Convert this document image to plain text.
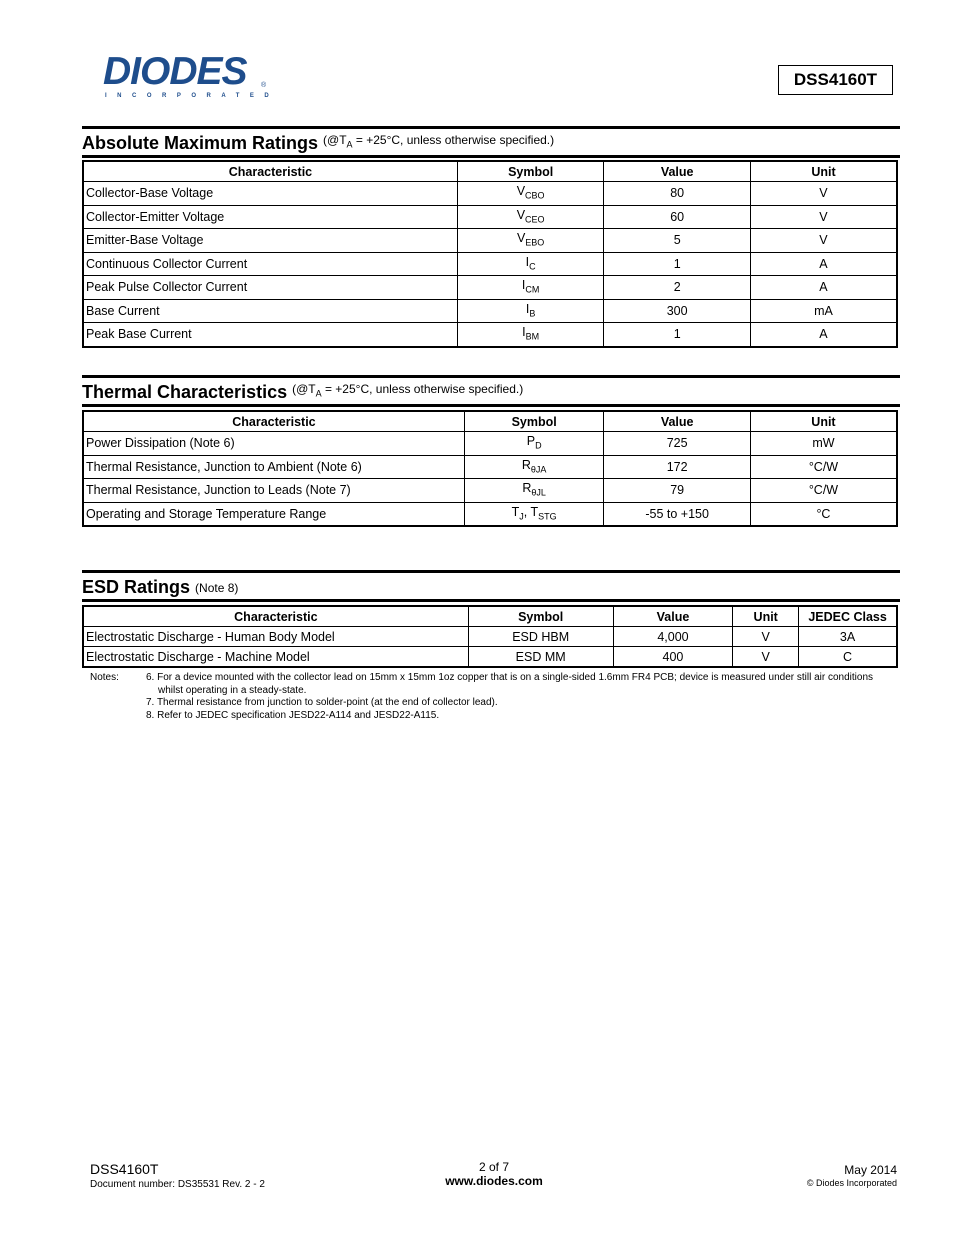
DIODES
INCORPORATED
®	DSS4160T
Absolute Maximum Ratings ($@T_A = +25^\circ C$, unless otherwise specified.)
Characteristic	Symbol	Value	Unit
Collector-Base Voltage	$V_{CBO}$	80	V
Collector-Emitter Voltage	$V_{CEO}$	60	V
Emitter-Base Voltage	$V_{EBO}$	5	V
Continuous Collector Current	$I_C$	1	A
Peak Pulse Collector Current	$I_{CM}$	2	A
Base Current	$I_B$	300	mA
Peak Base Current	$I_{BM}$	1	A
Thermal Characteristics ($@T_A = +25^\circ C$, unless otherwise specified.)
Characteristic	Symbol	Value	Unit
Power Dissipation (Note 6)	$P_D$	725	mW
Thermal Resistance, Junction to Ambient (Note 6)	$R_{\theta JA}$	172	°C/W
Thermal Resistance, Junction to Leads (Note 7)	$R_{\theta JL}$	79	°C/W
Operating and Storage Temperature Range	$T_J$, $T_{STG}$	-55 to +150	°C
ESD Ratings (Note 8)
Characteristic	Symbol	Value	Unit	JEDEC Class
Electrostatic Discharge - Human Body Model	ESD HBM	4,000	V	3A
Electrostatic Discharge - Machine Model	ESD MM	400	V	C
Notes:	6. For a device mounted with the collector lead on 15mm x 15mm 1oz copper that is on a single-sided 1.6mm FR4 PCB; device is measured under still air conditions whilst operating in a steady-state.
7. Thermal resistance from junction to solder-point (at the end of collector lead).
8. Refer to JEDEC specification JESD22-A114 and JESD22-A115.
DSS4160T
Document number: DS35531 Rev. 2 - 2
2 of 7
www.diodes.com
May 2014
© Diodes Incorporated
